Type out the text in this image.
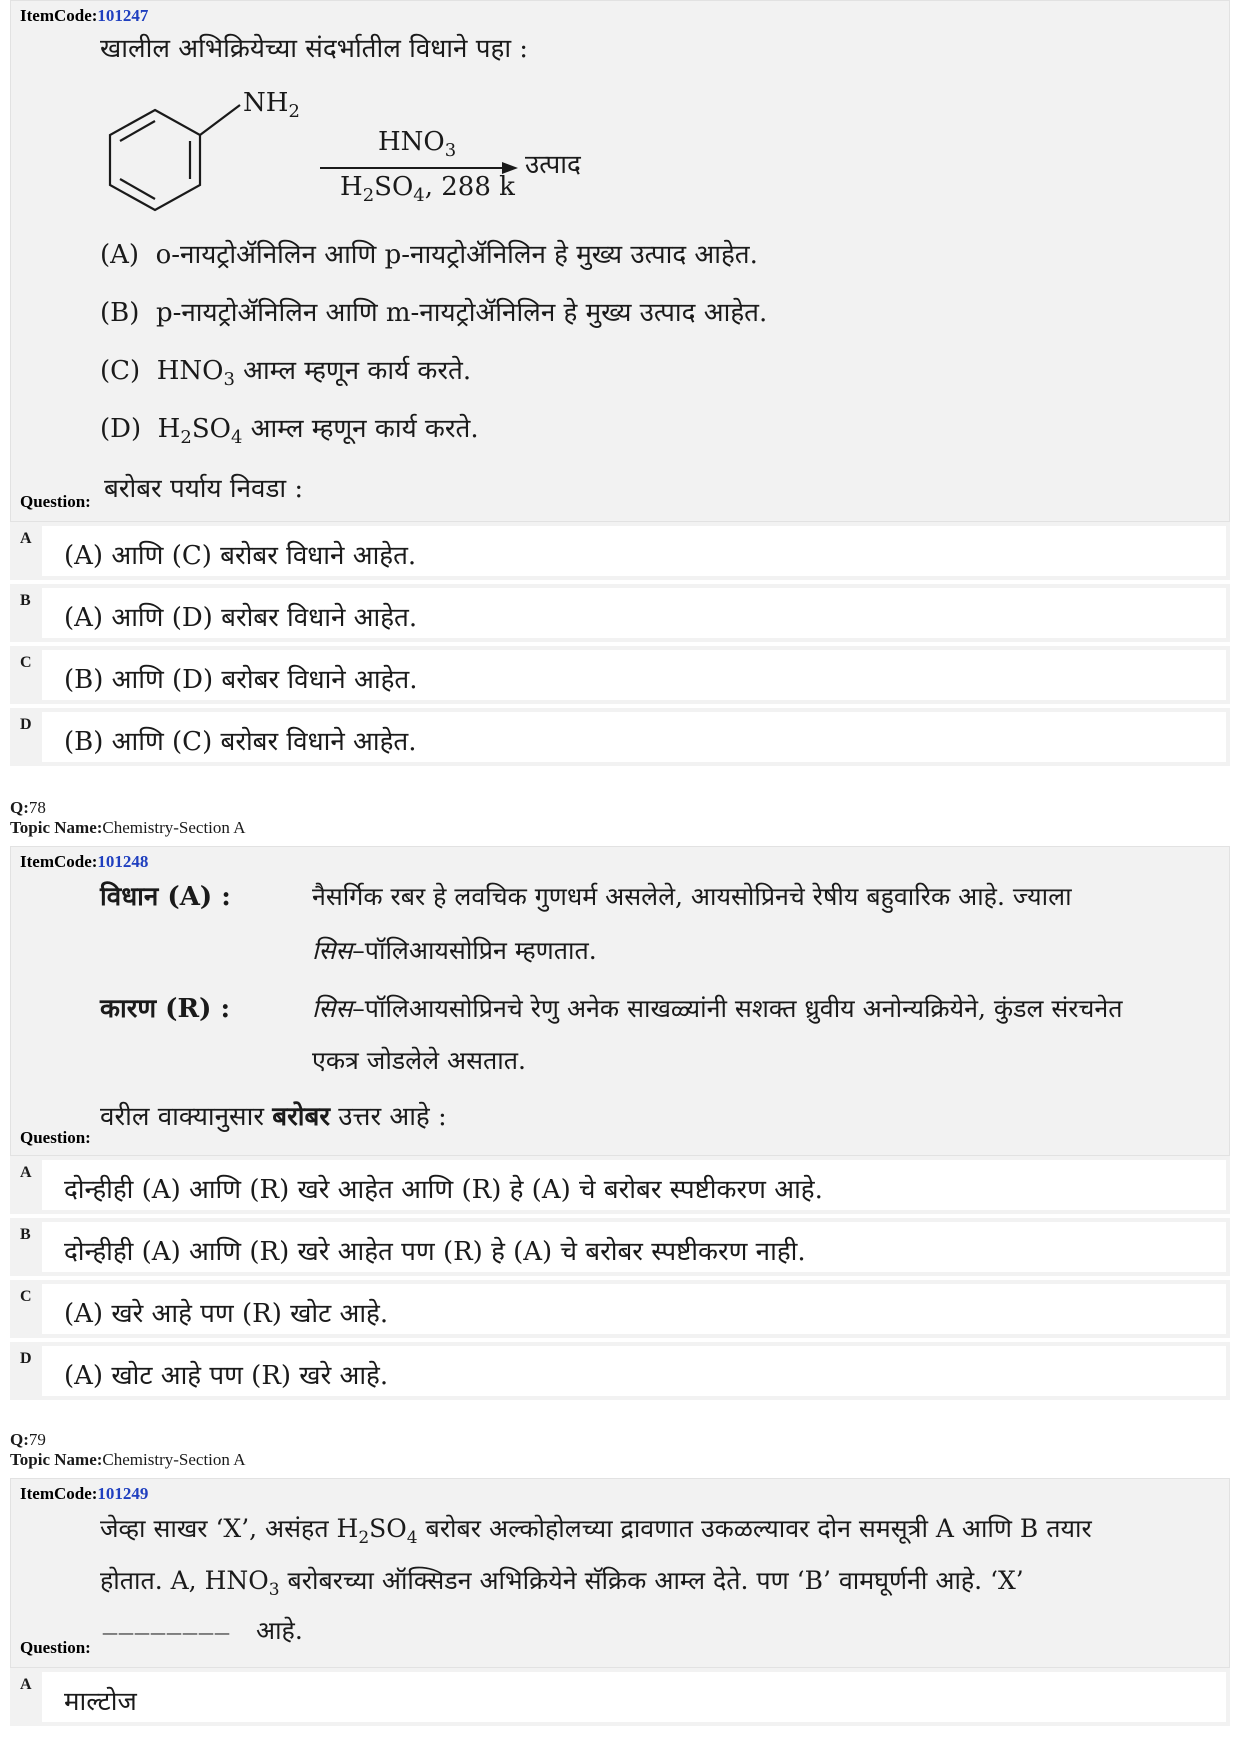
ItemCode:101247
खालील अभिक्रियेच्या संदर्भातील विधाने पहा :
$NH_2$
$HNO_3$
$H_2SO_4$, 288 k
उत्पाद
(A) o-नायट्रोॲनिलिन आणि p-नायट्रोॲनिलिन हे मुख्य उत्पाद आहेत.
(B) p-नायट्रोॲनिलिन आणि m-नायट्रोॲनिलिन हे मुख्य उत्पाद आहेत.
(C) $HNO_3$ आम्ल म्हणून कार्य करते.
(D) $H_2SO_4$ आम्ल म्हणून कार्य करते.
Question: बरोबर पर्याय निवडा :
A
(A) आणि (C) बरोबर विधाने आहेत.
B
(A) आणि (D) बरोबर विधाने आहेत.
C
(B) आणि (D) बरोबर विधाने आहेत.
D
(B) आणि (C) बरोबर विधाने आहेत.
Q:78
Topic Name:Chemistry-Section A
ItemCode:101248
विधान (A) :	नैसर्गिक रबर हे लवचिक गुणधर्म असलेले, आयसोप्रिनचे रेषीय बहुवारिक आहे. ज्याला
सिस–पॉलिआयसोप्रिन म्हणतात.
कारण (R) :	सिस–पॉलिआयसोप्रिनचे रेणु अनेक साखळ्यांनी सशक्त ध्रुवीय अनोन्यक्रियेने, कुंडल संरचनेत
एकत्र जोडलेले असतात.
Question:
वरील वाक्यानुसार बरोबर उत्तर आहे :
A
दोन्हीही (A) आणि (R) खरे आहेत आणि (R) हे (A) चे बरोबर स्पष्टीकरण आहे.
B
दोन्हीही (A) आणि (R) खरे आहेत पण (R) हे (A) चे बरोबर स्पष्टीकरण नाही.
C
(A) खरे आहे पण (R) खोट आहे.
D
(A) खोट आहे पण (R) खरे आहे.
Q:79
Topic Name:Chemistry-Section A
ItemCode:101249
जेव्हा साखर ‘X’, असंहत $H_2SO_4$ बरोबर अल्कोहोलच्या द्रावणात उकळल्यावर दोन समसूत्री A आणि B तयार
होतात. A, $HNO_3$ बरोबरच्या ऑक्सिडन अभिक्रियेने सॅक्रिक आम्ल देते. पण ‘B’ वामघूर्णनी आहे. ‘X’
Question:
———————— आहे.
A
माल्टोज
